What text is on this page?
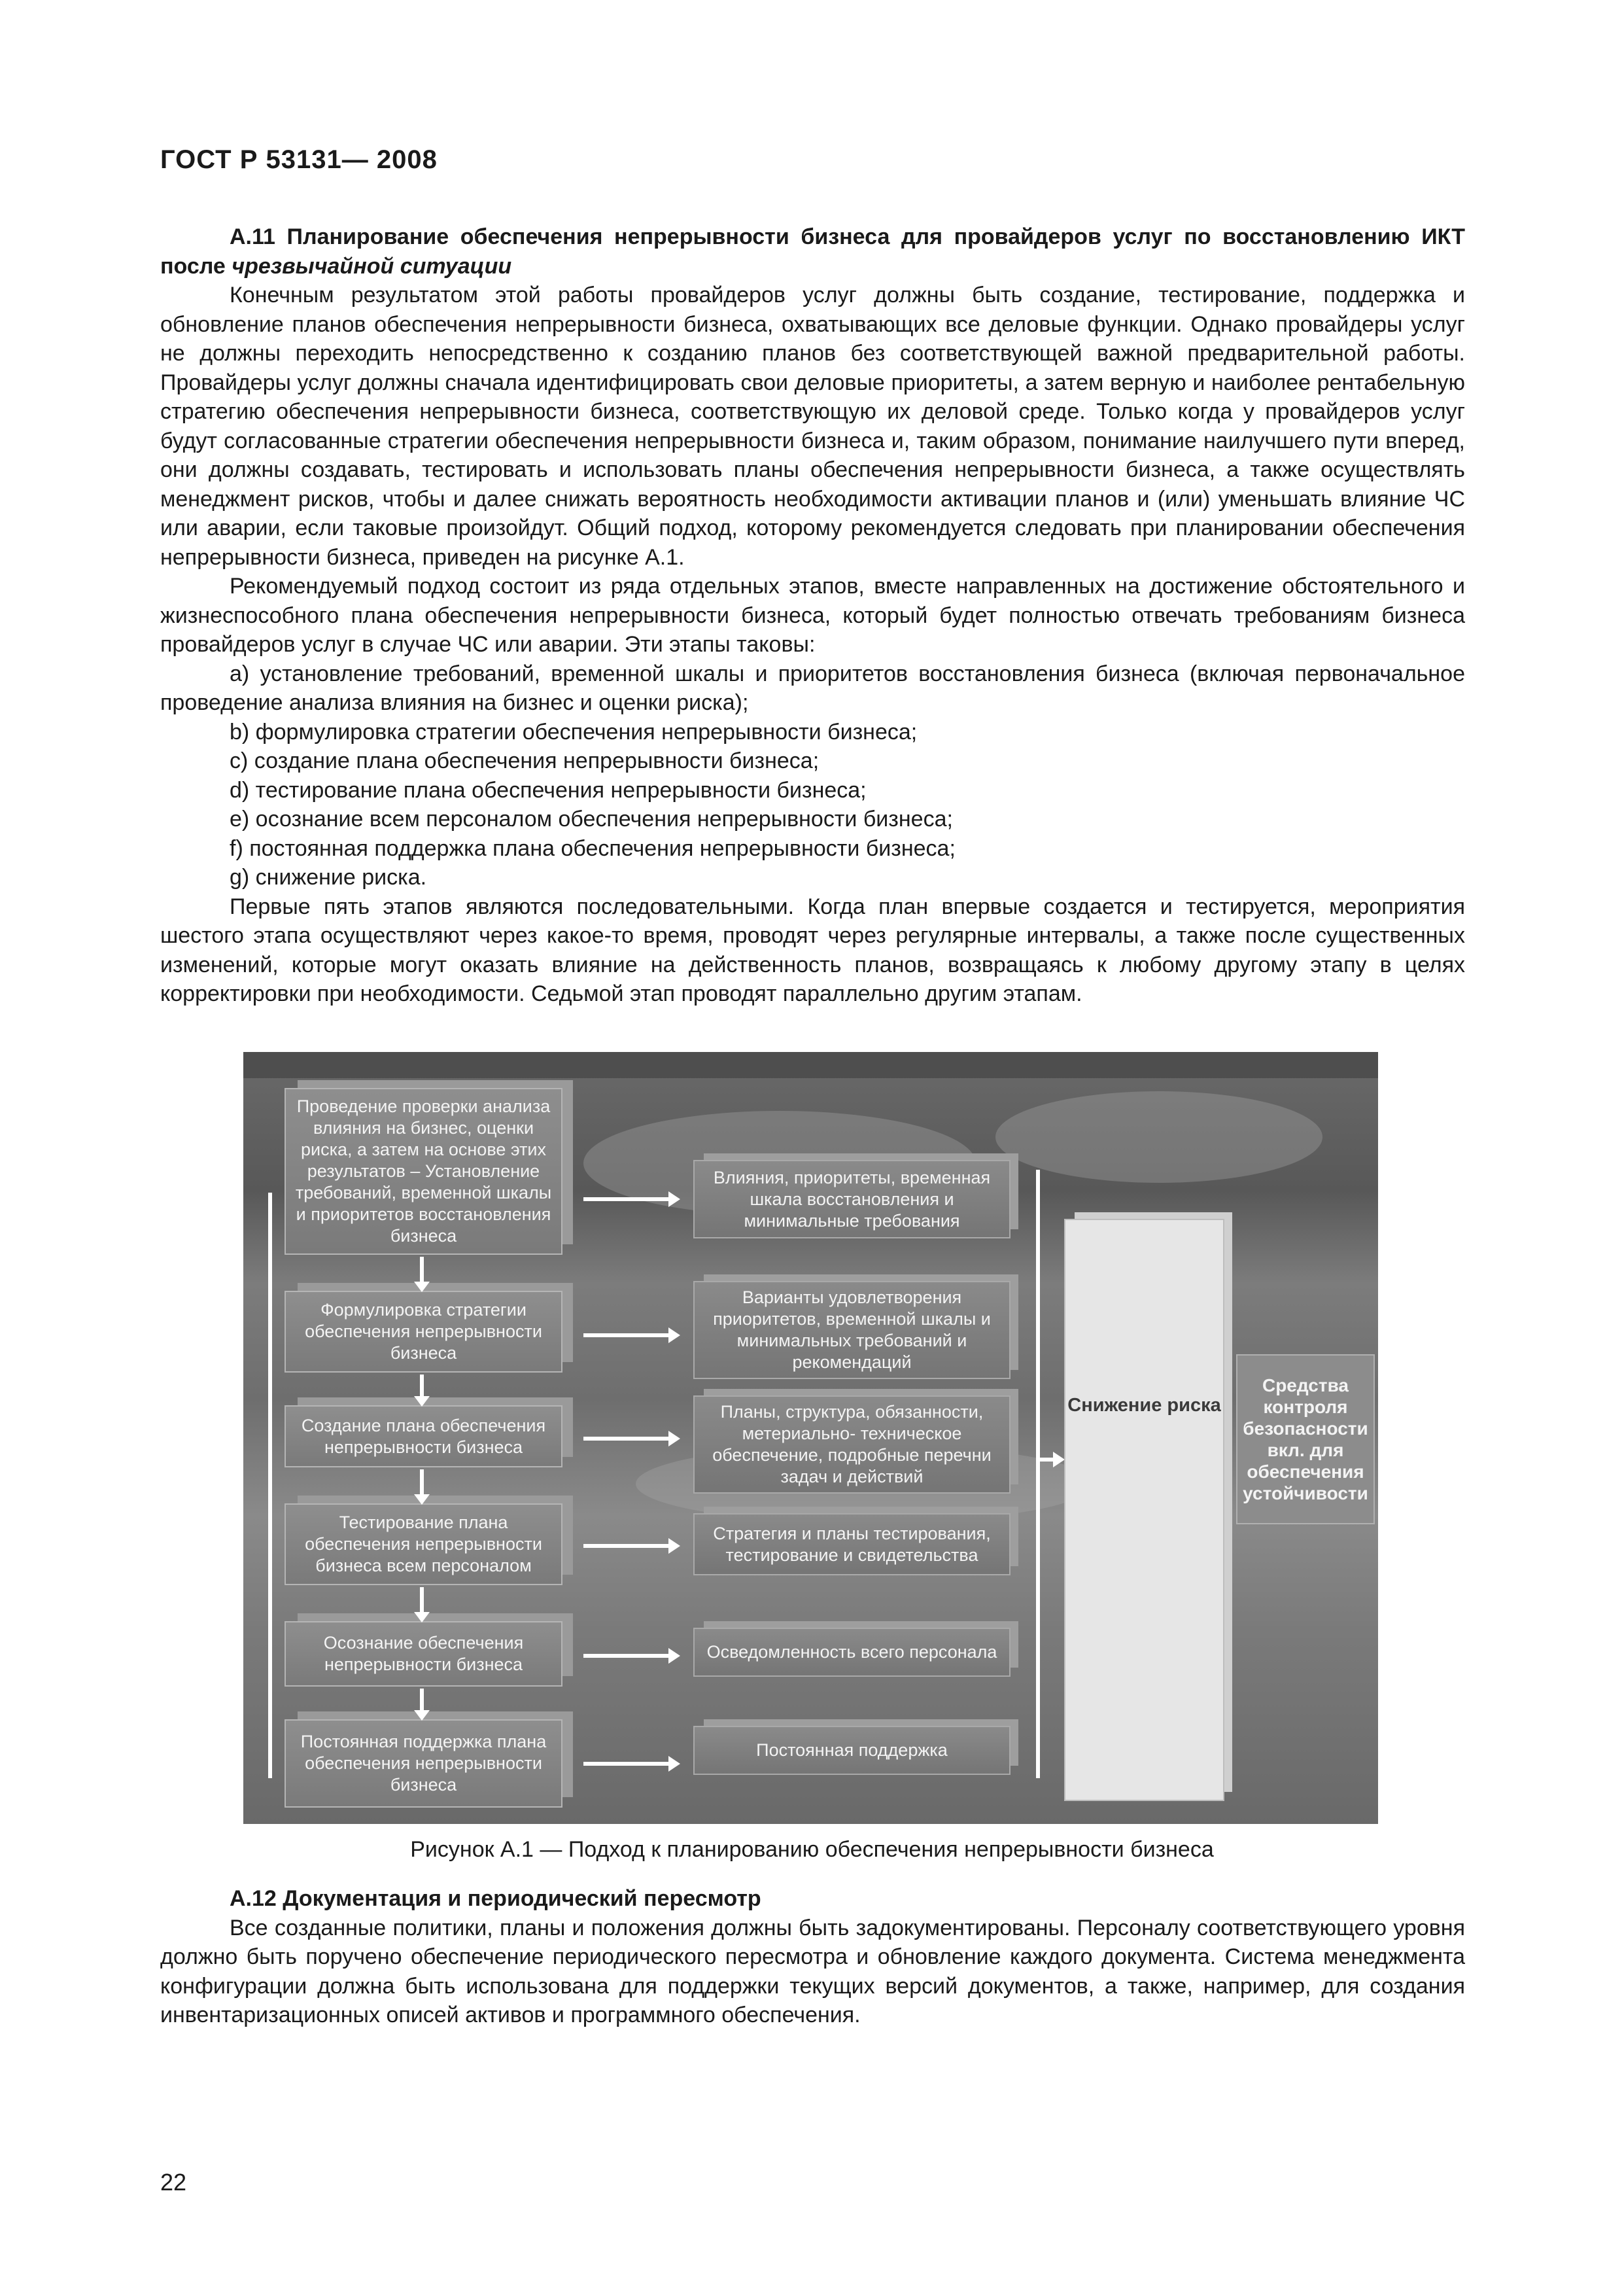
ГОСТ Р 53131— 2008

А.11 Планирование обеспечения непрерывности бизнеса для провайдеров услуг по восстановлению ИКТ после чрезвычайной ситуации

Конечным результатом этой работы провайдеров услуг должны быть создание, тестирование, поддержка и обновление планов обеспечения непрерывности бизнеса, охватывающих все деловые функции. Однако провайдеры услуг не должны переходить непосредственно к созданию планов без соответствующей важной предварительной работы. Провайдеры услуг должны сначала идентифицировать свои деловые приоритеты, а затем верную и наиболее рентабельную стратегию обеспечения непрерывности бизнеса, соответствующую их деловой среде. Только когда у провайдеров услуг будут согласованные стратегии обеспечения непрерывности бизнеса и, таким образом, понимание наилучшего пути вперед, они должны создавать, тестировать и использовать планы обеспечения непрерывности бизнеса, а также осуществлять менеджмент рисков, чтобы и далее снижать вероятность необходимости активации планов и (или) уменьшать влияние ЧС или аварии, если таковые произойдут. Общий подход, которому рекомендуется следовать при планировании обеспечения непрерывности бизнеса, приведен на рисунке А.1.

Рекомендуемый подход состоит из ряда отдельных этапов, вместе направленных на достижение обстоятельного и жизнеспособного плана обеспечения непрерывности бизнеса, который будет полностью отвечать требованиям бизнеса провайдеров услуг в случае ЧС или аварии. Эти этапы таковы:

a) установление требований, временной шкалы и приоритетов восстановления бизнеса (включая первоначальное проведение анализа влияния на бизнес и оценки риска);

b) формулировка стратегии обеспечения непрерывности бизнеса;

c) создание плана обеспечения непрерывности бизнеса;

d) тестирование плана обеспечения непрерывности бизнеса;

e) осознание всем персоналом обеспечения непрерывности бизнеса;

f) постоянная поддержка плана обеспечения непрерывности бизнеса;

g) снижение риска.

Первые пять этапов являются последовательными. Когда план впервые создается и тестируется, мероприятия шестого этапа осуществляют через какое-то время, проводят через регулярные интервалы, а также после существенных изменений, которые могут оказать влияние на действенность планов, возвращаясь к любому другому этапу в целях корректировки при необходимости. Седьмой этап проводят параллельно другим этапам.

Проведение проверки анализа влияния на бизнес, оценки риска, а затем на основе этих результатов – Установление требований, временной шкалы и приоритетов восстановления бизнеса
Формулировка стратегии обеспечения непрерывности бизнеса
Создание плана обеспечения непрерывности бизнеса
Тестирование плана обеспечения непрерывности бизнеса всем персоналом
Осознание обеспечения непрерывности бизнеса
Постоянная поддержка плана обеспечения непрерывности бизнеса
Влияния, приоритеты, временная шкала восстановления и минимальные требования
Варианты удовлетворения приоритетов, временной шкалы и минимальных требований и рекомендаций
Планы, структура, обязанности, метериально- техническое обеспечение, подробные перечни задач и действий
Стратегия и планы тестирования, тестирование и свидетельства
Осведомленность всего персонала
Постоянная поддержка
Снижение риска
Средства контроля безопасности вкл. для обеспечения устойчивости
Рисунок А.1 — Подход к планированию обеспечения непрерывности бизнеса

А.12 Документация и периодический пересмотр

Все созданные политики, планы и положения должны быть задокументированы. Персоналу соответствующего уровня должно быть поручено обеспечение периодического пересмотра и обновление каждого документа. Система менеджмента конфигурации должна быть использована для поддержки текущих версий документов, а также, например, для создания инвентаризационных описей активов и программного обеспечения.

22
